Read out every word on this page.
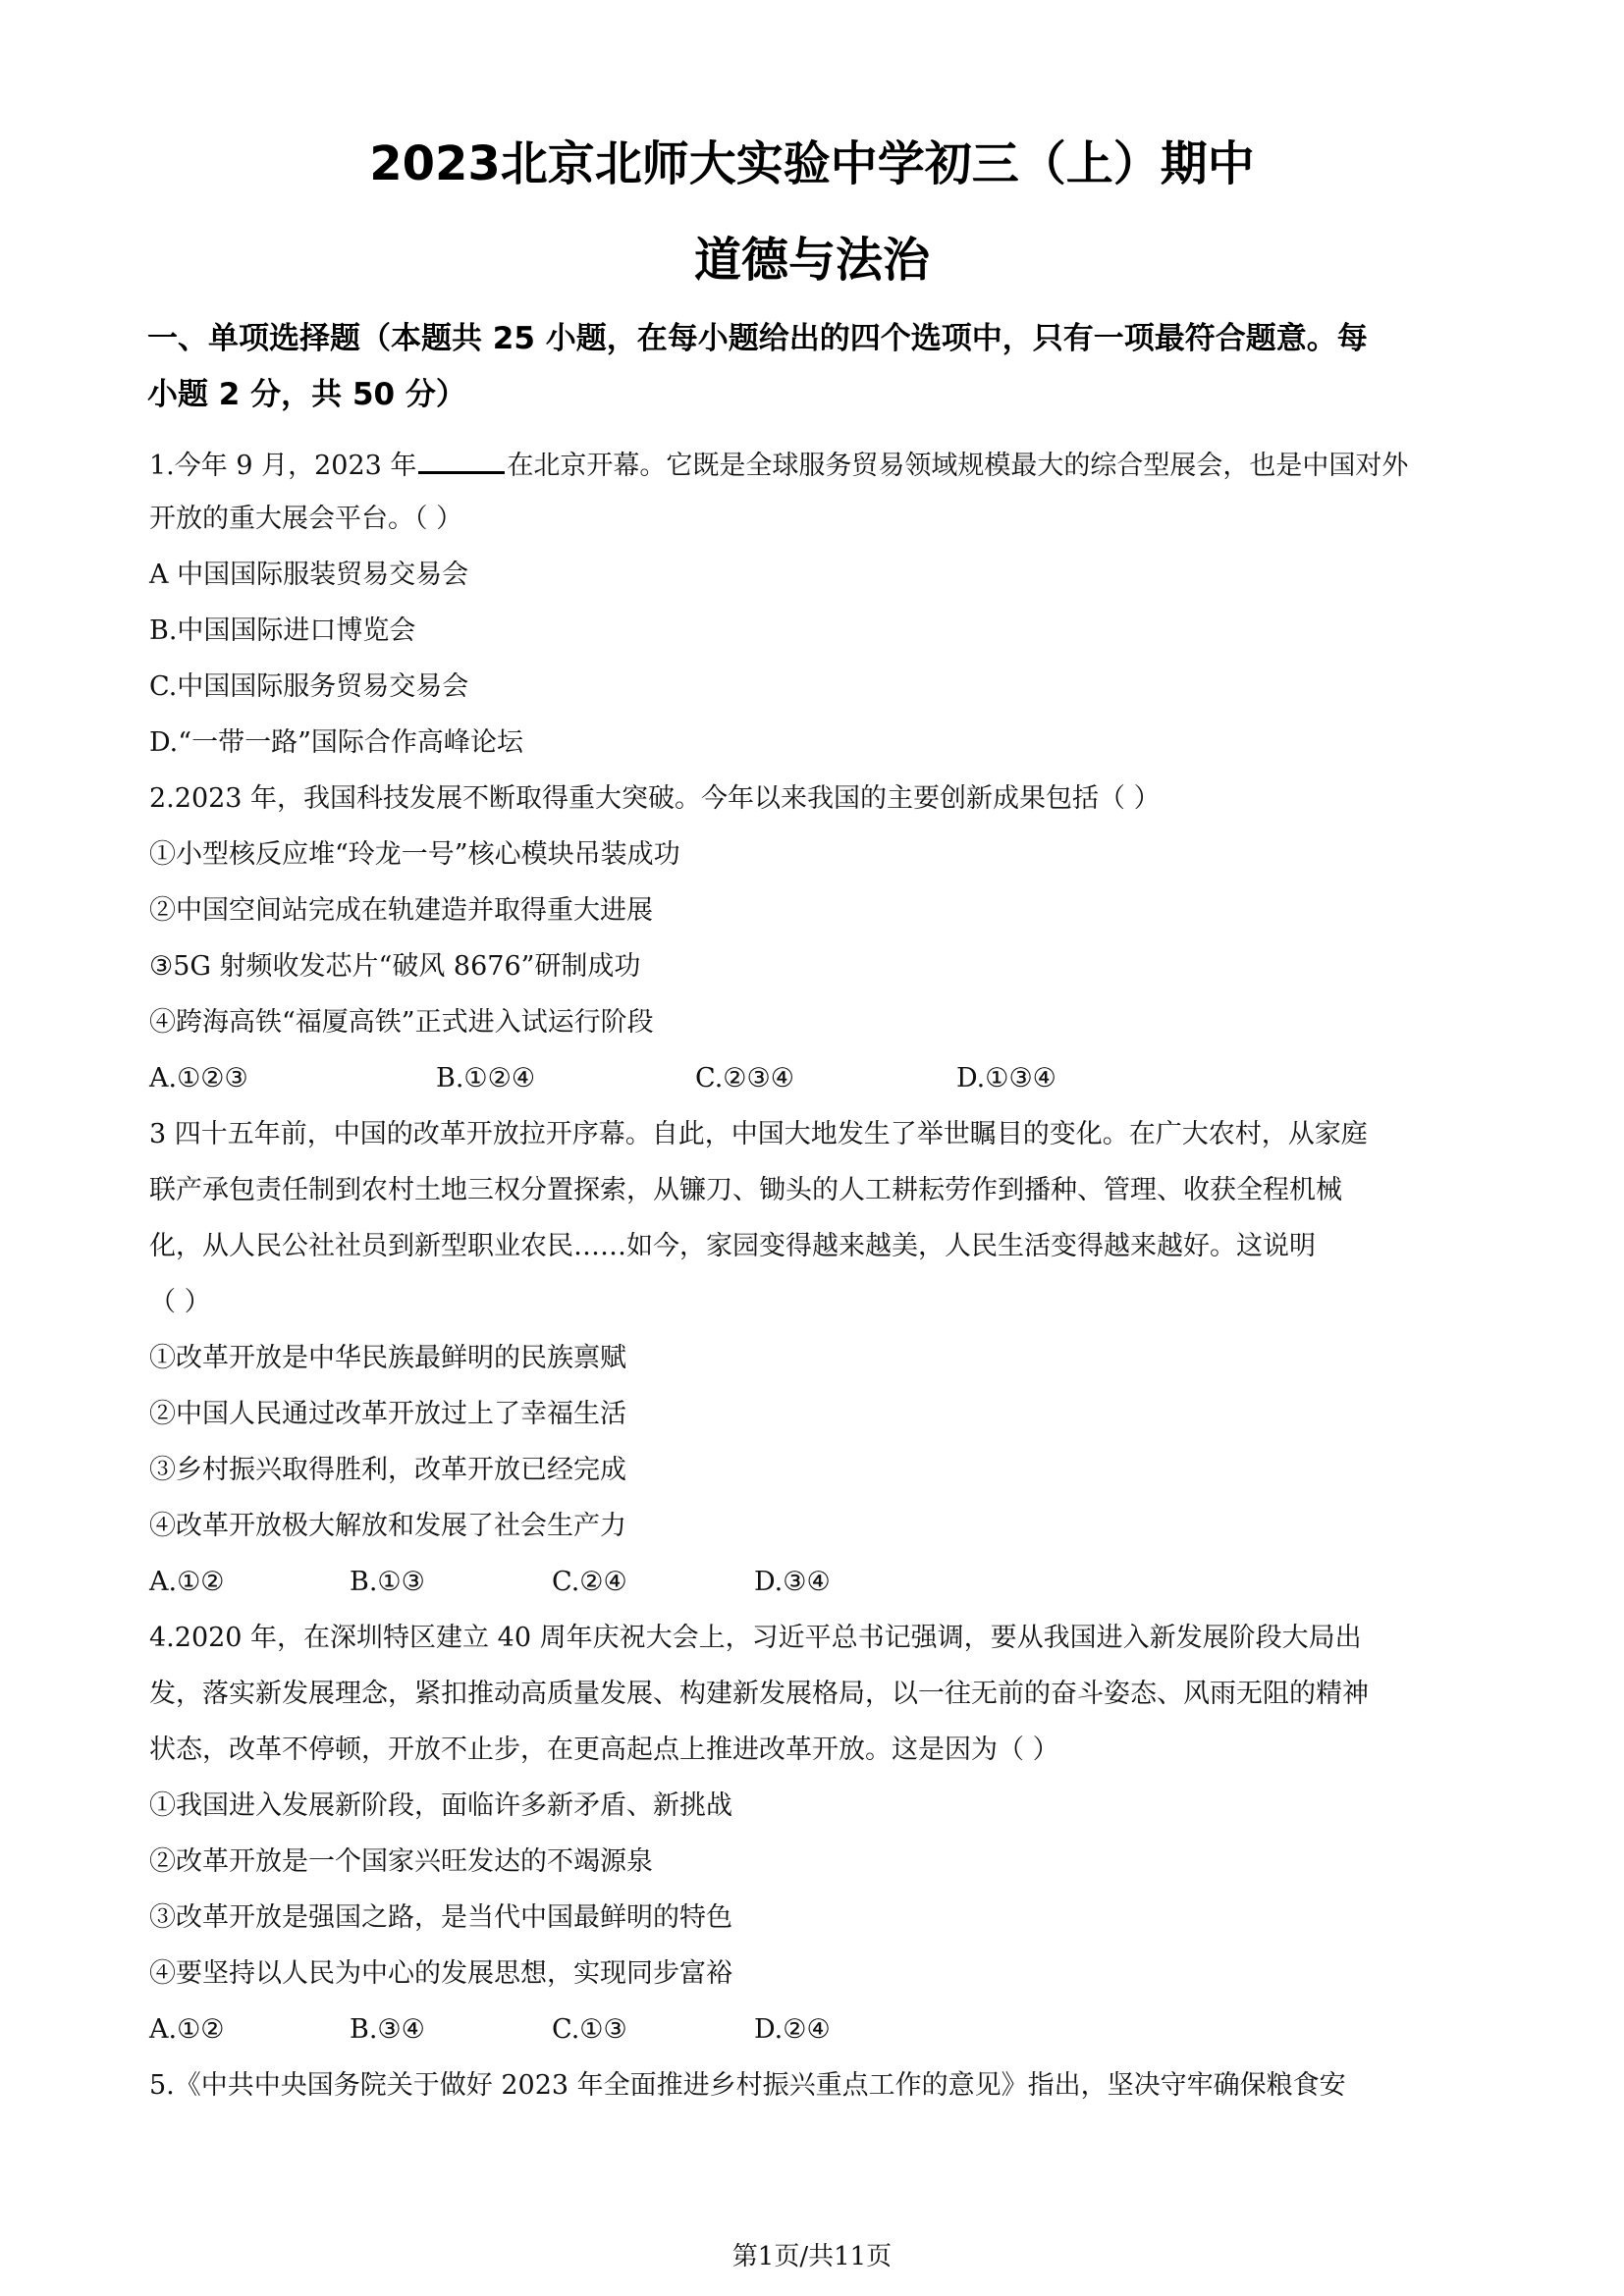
2023北京北师大实验中学初三（上）期中
道德与法治
一、单项选择题（本题共 25 小题，在每小题给出的四个选项中，只有一项最符合题意。每
小题 2 分，共 50 分）
1.今年 9 月，2023 年	在北京开幕。它既是全球服务贸易领域规模最大的综合型展会，也是中国对外
开放的重大展会平台。（ ）
A 中国国际服装贸易交易会
B.中国国际进口博览会
C.中国国际服务贸易交易会
D.“一带一路”国际合作高峰论坛
2.2023 年，我国科技发展不断取得重大突破。今年以来我国的主要创新成果包括（ ）
①小型核反应堆“玲龙一号”核心模块吊装成功
②中国空间站完成在轨建造并取得重大进展
③5G 射频收发芯片“破风 8676”研制成功
④跨海高铁“福厦高铁”正式进入试运行阶段
A.①②③	B.①②④	C.②③④	D.①③④
3 四十五年前，中国的改革开放拉开序幕。自此，中国大地发生了举世瞩目的变化。在广大农村，从家庭
联产承包责任制到农村土地三权分置探索，从镰刀、锄头的人工耕耘劳作到播种、管理、收获全程机械
化，从人民公社社员到新型职业农民……如今，家园变得越来越美，人民生活变得越来越好。这说明
（ ）
①改革开放是中华民族最鲜明的民族禀赋
②中国人民通过改革开放过上了幸福生活
③乡村振兴取得胜利，改革开放已经完成
④改革开放极大解放和发展了社会生产力
A.①②	B.①③	C.②④	D.③④
4.2020 年，在深圳特区建立 40 周年庆祝大会上，习近平总书记强调，要从我国进入新发展阶段大局出
发，落实新发展理念，紧扣推动高质量发展、构建新发展格局，以一往无前的奋斗姿态、风雨无阻的精神
状态，改革不停顿，开放不止步，在更高起点上推进改革开放。这是因为（ ）
①我国进入发展新阶段，面临许多新矛盾、新挑战
②改革开放是一个国家兴旺发达的不竭源泉
③改革开放是强国之路，是当代中国最鲜明的特色
④要坚持以人民为中心的发展思想，实现同步富裕
A.①②	B.③④	C.①③	D.②④
5.《中共中央国务院关于做好 2023 年全面推进乡村振兴重点工作的意见》指出，坚决守牢确保粮食安
第1页/共11页
